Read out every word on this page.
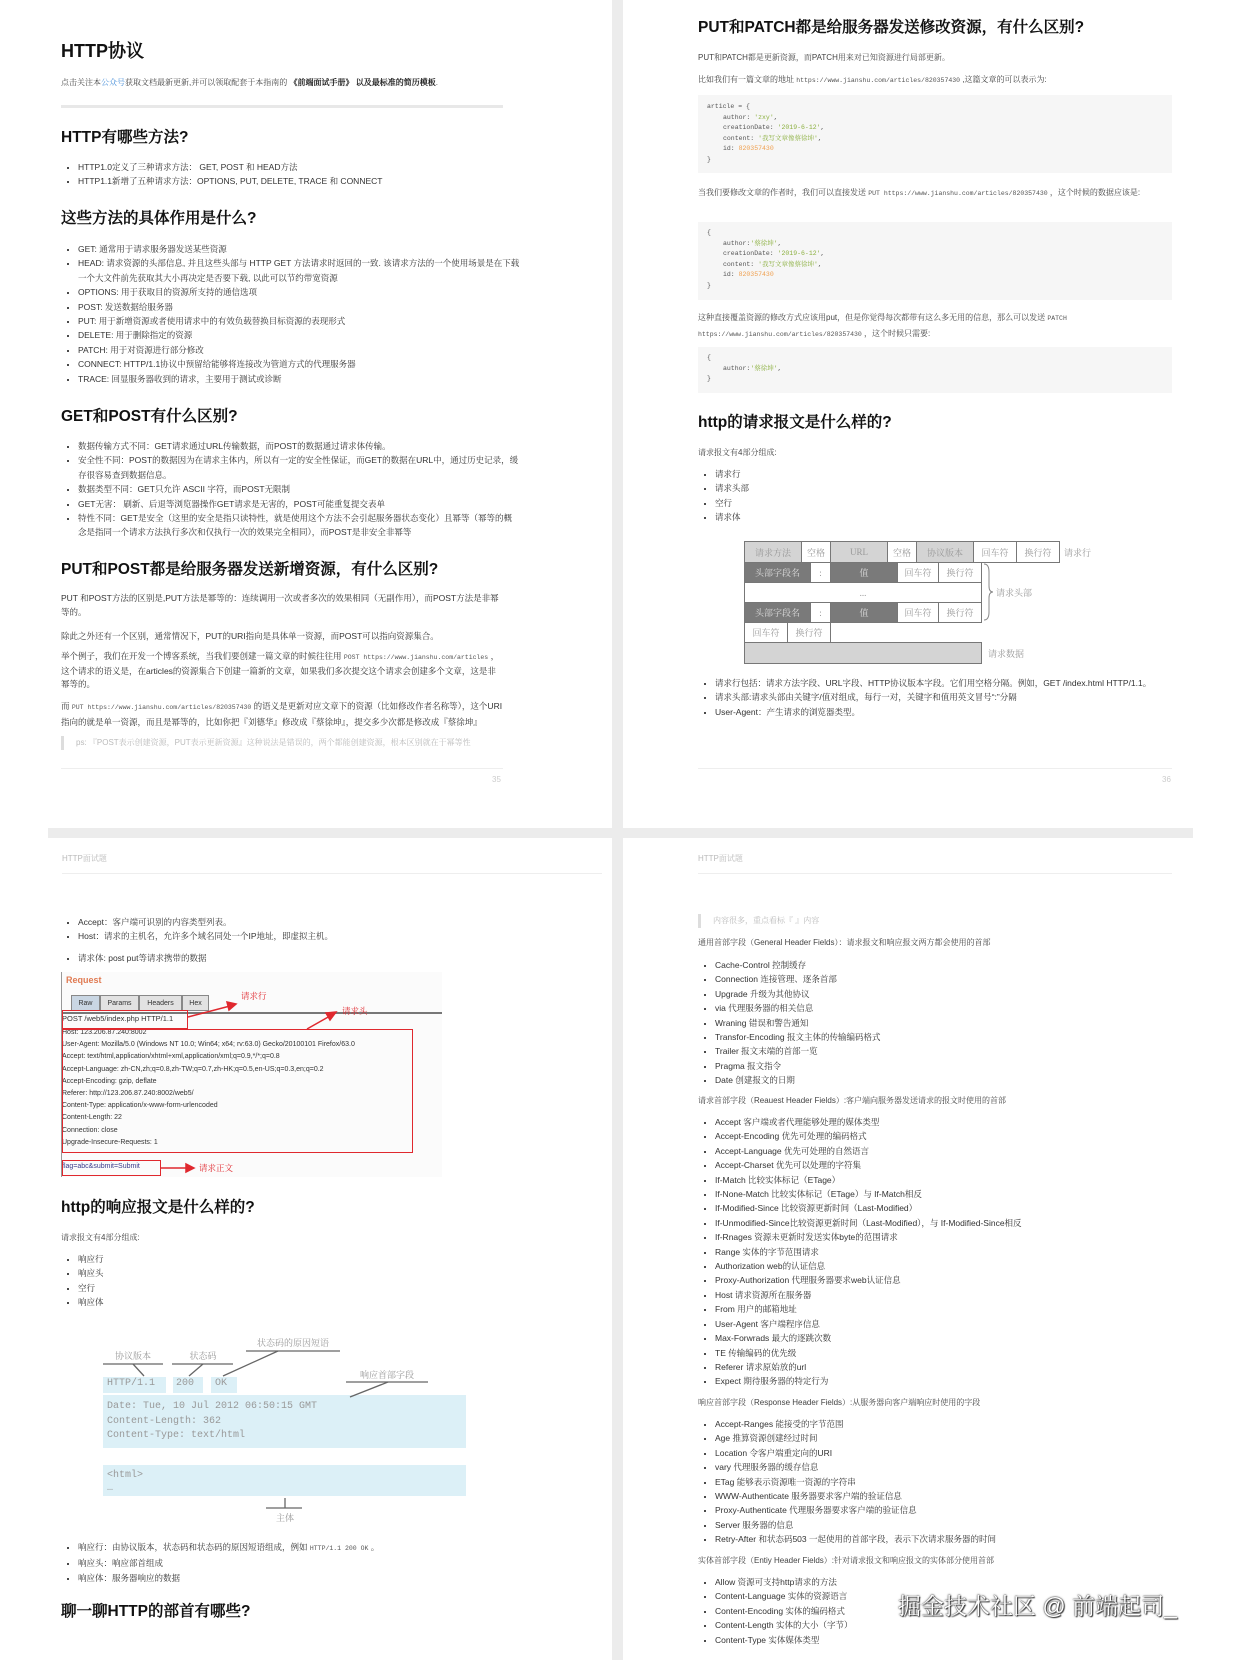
HTTP协议
点击关注本公众号获取文档最新更新,并可以领取配套于本指南的 《前端面试手册》 以及最标准的简历模板.
HTTP有哪些方法?
• HTTP1.0定义了三种请求方法： GET, POST 和 HEAD方法
• HTTP1.1新增了五种请求方法：OPTIONS, PUT, DELETE, TRACE 和 CONNECT
这些方法的具体作用是什么?
• GET: 通常用于请求服务器发送某些资源
• HEAD: 请求资源的头部信息, 并且这些头部与 HTTP GET 方法请求时返回的一致. 该请求方法的一个使用场景是在下载一个大文件前先获取其大小再决定是否要下载, 以此可以节约带宽资源
• OPTIONS: 用于获取目的资源所支持的通信选项
• POST: 发送数据给服务器
• PUT: 用于新增资源或者使用请求中的有效负载替换目标资源的表现形式
• DELETE: 用于删除指定的资源
• PATCH: 用于对资源进行部分修改
• CONNECT: HTTP/1.1协议中预留给能够将连接改为管道方式的代理服务器
• TRACE: 回显服务器收到的请求，主要用于测试或诊断
GET和POST有什么区别?
• 数据传输方式不同：GET请求通过URL传输数据，而POST的数据通过请求体传输。
• 安全性不同：POST的数据因为在请求主体内，所以有一定的安全性保证，而GET的数据在URL中，通过历史记录，缓存很容易查到数据信息。
• 数据类型不同：GET只允许 ASCII 字符，而POST无限制
• GET无害： 刷新、后退等浏览器操作GET请求是无害的，POST可能重复提交表单
• 特性不同：GET是安全（这里的安全是指只读特性，就是使用这个方法不会引起服务器状态变化）且幂等（幂等的概念是指同一个请求方法执行多次和仅执行一次的效果完全相同），而POST是非安全非幂等
PUT和POST都是给服务器发送新增资源，有什么区别?
PUT 和POST方法的区别是,PUT方法是幂等的：连续调用一次或者多次的效果相同（无副作用），而POST方法是非幂等的。
除此之外还有一个区别，通常情况下，PUT的URI指向是具体单一资源，而POST可以指向资源集合。
举个例子，我们在开发一个博客系统，当我们要创建一篇文章的时候往往用 POST https://www.jianshu.com/articles ，这个请求的语义是，在articles的资源集合下创建一篇新的文章，如果我们多次提交这个请求会创建多个文章，这是非幂等的。
而 PUT https://www.jianshu.com/articles/820357430 的语义是更新对应文章下的资源（比如修改作者名称等），这个URI指向的就是单一资源，而且是幂等的，比如你把『刘德华』修改成『蔡徐坤』，提交多少次都是修改成『蔡徐坤』
ps: 『POST表示创建资源，PUT表示更新资源』这种说法是错误的，两个都能创建资源，根本区别就在于幂等性
35
PUT和PATCH都是给服务器发送修改资源，有什么区别?
PUT和PATCH都是更新资源，而PATCH用来对已知资源进行局部更新。
比如我们有一篇文章的地址 https://www.jianshu.com/articles/820357430 ,这篇文章的可以表示为:
article = {
author: 'zxy',
creationDate: '2019-6-12',
content: '我写文章像蔡徐坤',
id: 820357430
}
当我们要修改文章的作者时，我们可以直接发送 PUT https://www.jianshu.com/articles/820357430 ，这个时候的数据应该是:
{
author:'蔡徐坤',
creationDate: '2019-6-12',
content: '我写文章像蔡徐坤',
id: 820357430
}
这种直接覆盖资源的修改方式应该用put，但是你觉得每次都带有这么多无用的信息，那么可以发送 PATCH https://www.jianshu.com/articles/820357430 ，这个时候只需要:
{
author:'蔡徐坤',
}
http的请求报文是什么样的?
请求报文有4部分组成:
• 请求行
• 请求头部
• 空行
• 请求体
请求方法	空格	URL	空格	协议版本	回车符	换行符	请求行
头部字段名	:	值	回车符	换行符
...
头部字段名	:	值	回车符	换行符
回车符	换行符
请求头部
请求数据
• 请求行包括：请求方法字段、URL字段、HTTP协议版本字段。它们用空格分隔。例如，GET /index.html HTTP/1.1。
• 请求头部:请求头部由关键字/值对组成，每行一对，关键字和值用英文冒号“:”分隔
• User-Agent：产生请求的浏览器类型。
36
HTTP面试题
• Accept：客户端可识别的内容类型列表。
• Host：请求的主机名，允许多个域名同处一个IP地址，即虚拟主机。
• 请求体: post put等请求携带的数据
Request
Raw	Params	Headers	Hex
POST /web5/index.php HTTP/1.1
Host: 123.206.87.240:8002
User-Agent: Mozilla/5.0 (Windows NT 10.0; Win64; x64; rv:63.0) Gecko/20100101 Firefox/63.0
Accept: text/html,application/xhtml+xml,application/xml;q=0.9,*/*;q=0.8
Accept-Language: zh-CN,zh;q=0.8,zh-TW;q=0.7,zh-HK;q=0.5,en-US;q=0.3,en;q=0.2
Accept-Encoding: gzip, deflate
Referer: http://123.206.87.240:8002/web5/
Content-Type: application/x-www-form-urlencoded
Content-Length: 22
Connection: close
Upgrade-Insecure-Requests: 1
flag=abc&submit=Submit
请求行
请求头
请求正文
http的响应报文是什么样的?
请求报文有4部分组成:
• 响应行
• 响应头
• 空行
• 响应体
HTTP/1.1 200 OK
Date: Tue, 10 Jul 2012 06:50:15 GMT
Content-Length: 362
Content-Type: text/html
<html>
…
协议版本	状态码
状态码的原因短语
响应首部字段
主体
• 响应行：由协议版本，状态码和状态码的原因短语组成，例如 HTTP/1.1 200 OK 。
• 响应头：响应部首组成
• 响应体：服务器响应的数据
聊一聊HTTP的部首有哪些?
HTTP面试题
内容很多，重点看标『 』内容
通用首部字段（General Header Fields）：请求报文和响应报文两方都会使用的首部
• Cache-Control 控制缓存
• Connection 连接管理、逐条首部
• Upgrade 升级为其他协议
• via 代理服务器的相关信息
• Wraning 错误和警告通知
• Transfor-Encoding 报文主体的传输编码格式
• Trailer 报文末端的首部一览
• Pragma 报文指令
• Date 创建报文的日期
请求首部字段（Reauest Header Fields）:客户端向服务器发送请求的报文时使用的首部
• Accept 客户端或者代理能够处理的媒体类型
• Accept-Encoding 优先可处理的编码格式
• Accept-Language 优先可处理的自然语言
• Accept-Charset 优先可以处理的字符集
• If-Match 比较实体标记（ETage）
• If-None-Match 比较实体标记（ETage）与 If-Match相反
• If-Modified-Since 比较资源更新时间（Last-Modified）
• If-Unmodified-Since比较资源更新时间（Last-Modified），与 If-Modified-Since相反
• If-Rnages 资源未更新时发送实体byte的范围请求
• Range 实体的字节范围请求
• Authorization web的认证信息
• Proxy-Authorization 代理服务器要求web认证信息
• Host 请求资源所在服务器
• From 用户的邮箱地址
• User-Agent 客户端程序信息
• Max-Forwrads 最大的逐跳次数
• TE 传输编码的优先级
• Referer 请求原始放的url
• Expect 期待服务器的特定行为
响应首部字段（Response Header Fields）:从服务器向客户端响应时使用的字段
• Accept-Ranges 能接受的字节范围
• Age 推算资源创建经过时间
• Location 令客户端重定向的URI
• vary 代理服务器的缓存信息
• ETag 能够表示资源唯一资源的字符串
• WWW-Authenticate 服务器要求客户端的验证信息
• Proxy-Authenticate 代理服务器要求客户端的验证信息
• Server 服务器的信息
• Retry-After 和状态码503 一起使用的首部字段，表示下次请求服务器的时间
实体首部字段（Entiy Header Fields）:针对请求报文和响应报文的实体部分使用首部
• Allow 资源可支持http请求的方法
• Content-Language 实体的资源语言
• Content-Encoding 实体的编码格式
• Content-Length 实体的大小（字节）
• Content-Type 实体媒体类型
掘金技术社区 @ 前端起司_
